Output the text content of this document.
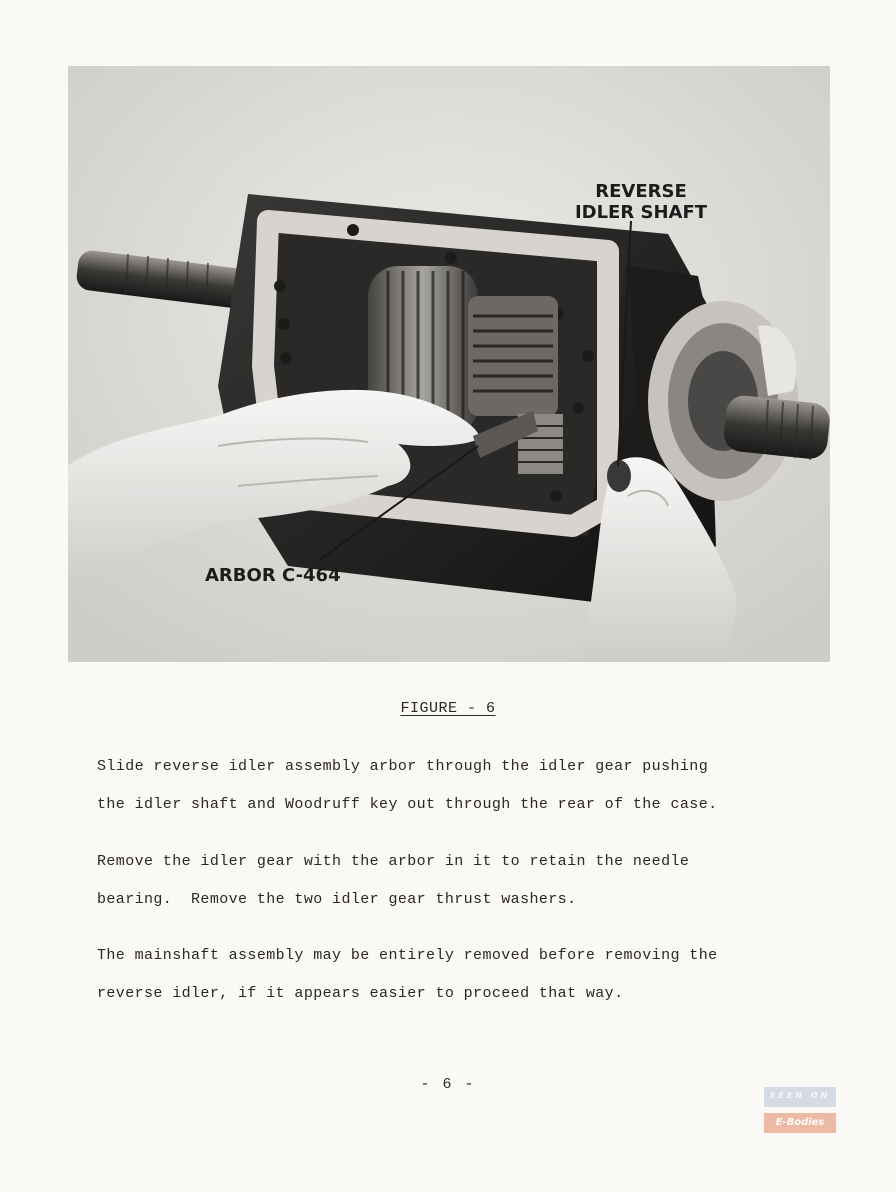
REVERSE
IDLER SHAFT
ARBOR C-464
FIGURE - 6

Slide reverse idler assembly arbor through the idler gear pushing
the idler shaft and Woodruff key out through the rear of the case.

Remove the idler gear with the arbor in it to retain the needle
bearing.  Remove the two idler gear thrust washers.

The mainshaft assembly may be entirely removed before removing the
reverse idler, if it appears easier to proceed that way.

- 6 -
SEEN ON
E-Bodies
